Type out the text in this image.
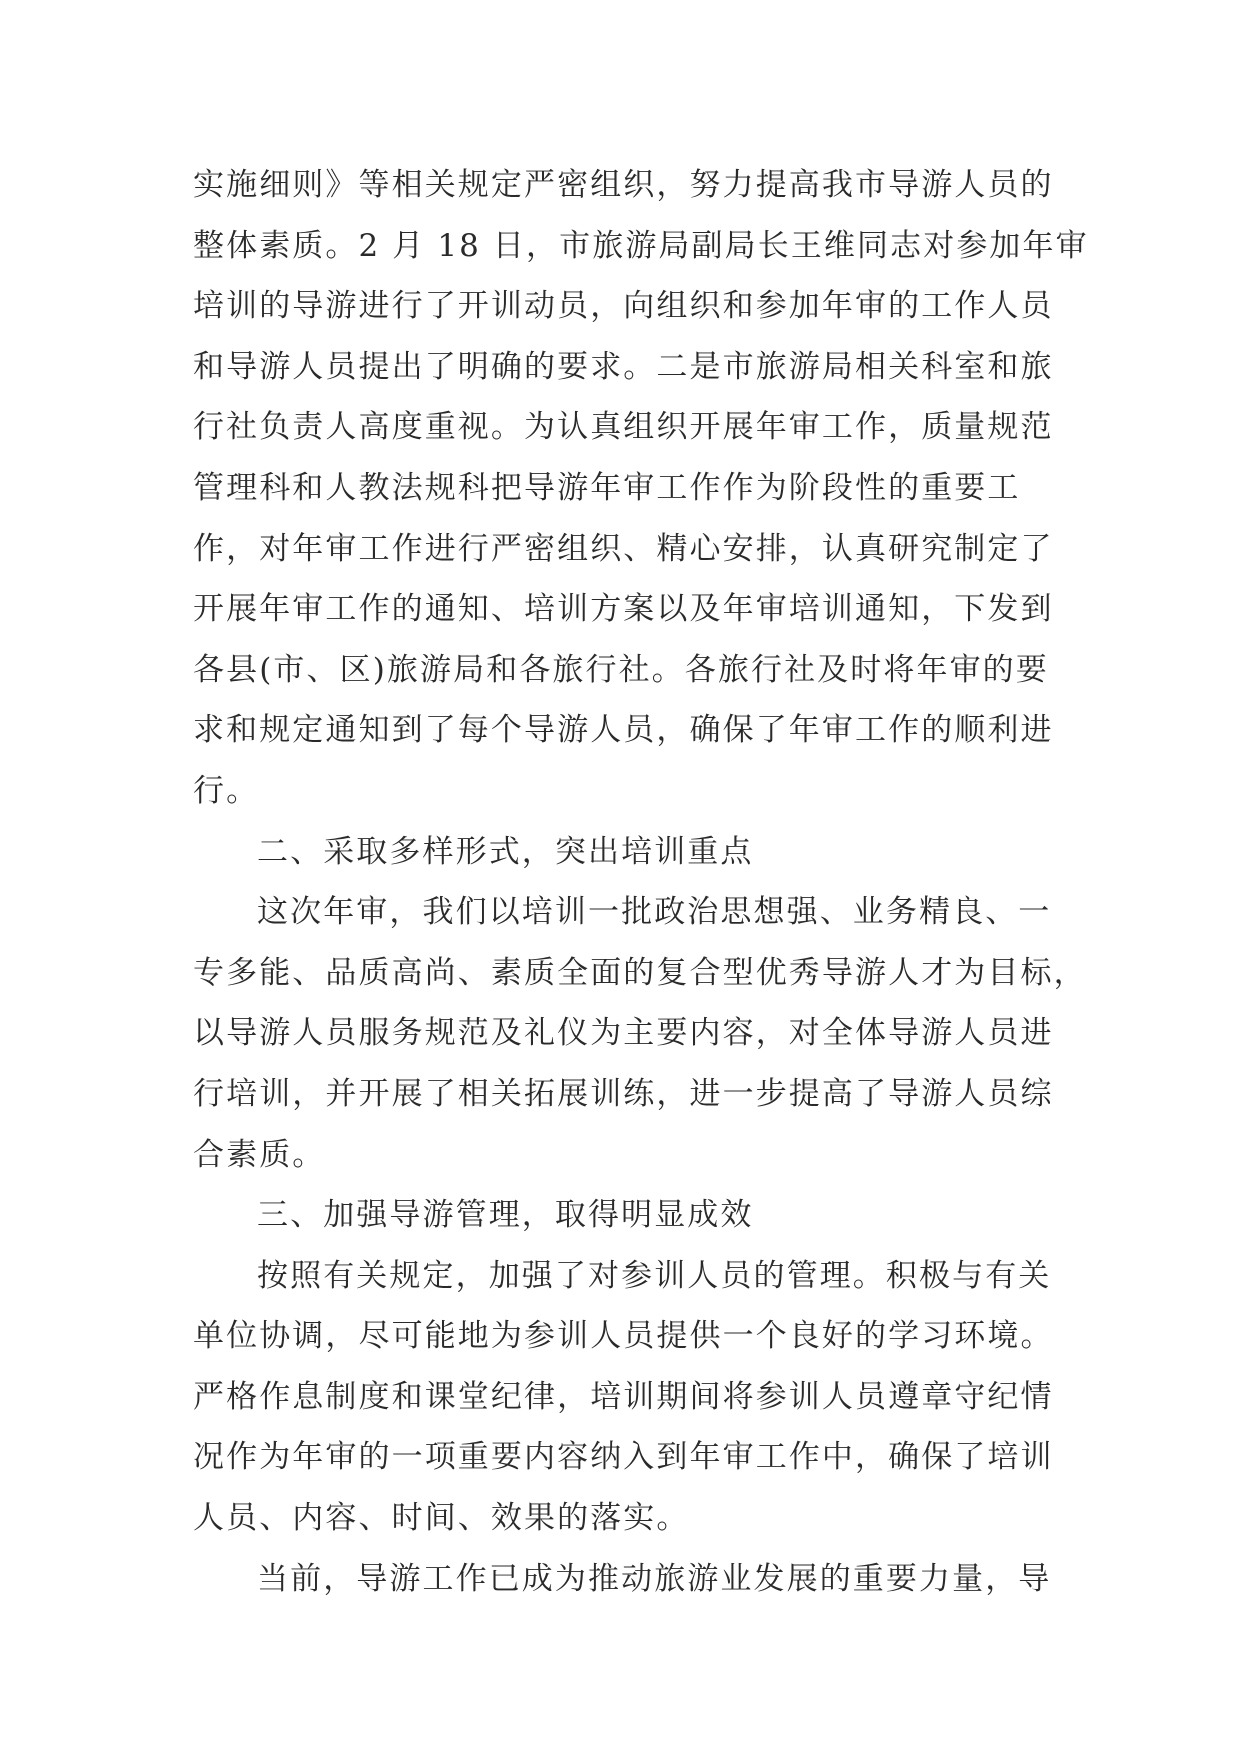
实施细则》等相关规定严密组织，努力提高我市导游人员的
整体素质。2 月 18 日，市旅游局副局长王维同志对参加年审
培训的导游进行了开训动员，向组织和参加年审的工作人员
和导游人员提出了明确的要求。二是市旅游局相关科室和旅
行社负责人高度重视。为认真组织开展年审工作，质量规范
管理科和人教法规科把导游年审工作作为阶段性的重要工
作，对年审工作进行严密组织、精心安排，认真研究制定了
开展年审工作的通知、培训方案以及年审培训通知，下发到
各县(市、区)旅游局和各旅行社。各旅行社及时将年审的要
求和规定通知到了每个导游人员，确保了年审工作的顺利进
行。
二、采取多样形式，突出培训重点
这次年审，我们以培训一批政治思想强、业务精良、一
专多能、品质高尚、素质全面的复合型优秀导游人才为目标，
以导游人员服务规范及礼仪为主要内容，对全体导游人员进
行培训，并开展了相关拓展训练，进一步提高了导游人员综
合素质。
三、加强导游管理，取得明显成效
按照有关规定，加强了对参训人员的管理。积极与有关
单位协调，尽可能地为参训人员提供一个良好的学习环境。
严格作息制度和课堂纪律，培训期间将参训人员遵章守纪情
况作为年审的一项重要内容纳入到年审工作中，确保了培训
人员、内容、时间、效果的落实。
当前，导游工作已成为推动旅游业发展的重要力量，导
